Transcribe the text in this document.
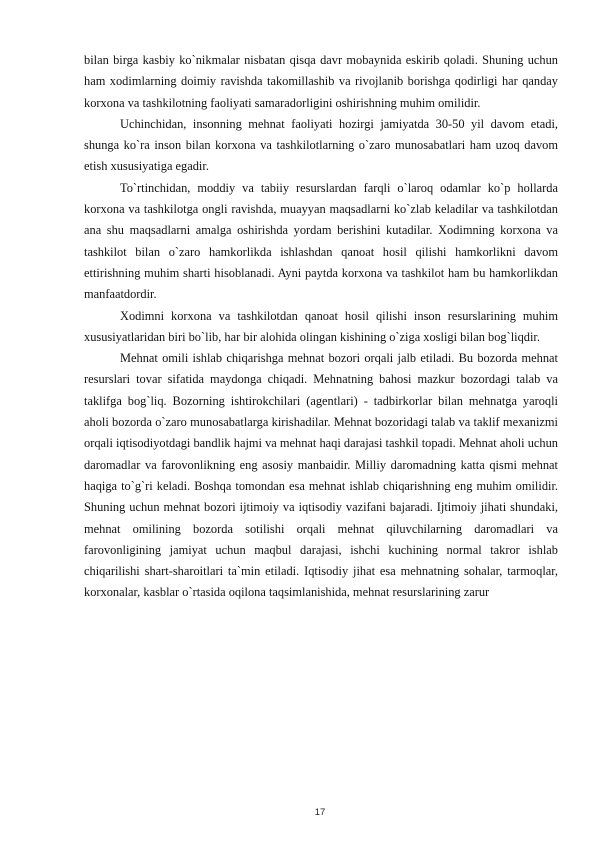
bilan birga kasbiy ko`nikmalar nisbatan qisqa davr mobaynida eskirib qoladi. Shuning uchun ham xodimlarning doimiy ravishda takomillashib va rivojlanib borishga qodirligi har qanday korxona va tashkilotning faoliyati samaradorligini oshirishning muhim omilidir.

Uchinchidan, insonning mehnat faoliyati hozirgi jamiyatda 30-50 yil davom etadi, shunga ko`ra inson bilan korxona va tashkilotlarning o`zaro munosabatlari ham uzoq davom etish xususiyatiga egadir.

To`rtinchidan, moddiy va tabiiy resurslardan farqli o`laroq odamlar ko`p hollarda korxona va tashkilotga ongli ravishda, muayyan maqsadlarni ko`zlab keladilar va tashkilotdan ana shu maqsadlarni amalga oshirishda yordam berishini kutadilar. Xodimning korxona va tashkilot bilan o`zaro hamkorlikda ishlashdan qanoat hosil qilishi hamkorlikni davom ettirishning muhim sharti hisoblanadi. Ayni paytda korxona va tashkilot ham bu hamkorlikdan manfaatdordir.

Xodimni korxona va tashkilotdan qanoat hosil qilishi inson resurslarining muhim xususiyatlaridan biri bo`lib, har bir alohida olingan kishining o`ziga xosligi bilan bog`liqdir.

Mehnat omili ishlab chiqarishga mehnat bozori orqali jalb etiladi. Bu bozorda mehnat resurslari tovar sifatida maydonga chiqadi. Mehnatning bahosi mazkur bozordagi talab va taklifga bog`liq. Bozorning ishtirokchilari (agentlari) - tadbirkorlar bilan mehnatga yaroqli aholi bozorda o`zaro munosabatlarga kirishadilar. Mehnat bozoridagi talab va taklif mexanizmi orqali iqtisodiyotdagi bandlik hajmi va mehnat haqi darajasi tashkil topadi. Mehnat aholi uchun daromadlar va farovonlikning eng asosiy manbaidir. Milliy daromadning katta qismi mehnat haqiga to`g`ri keladi. Boshqa tomondan esa mehnat ishlab chiqarishning eng muhim omilidir. Shuning uchun mehnat bozori ijtimoiy va iqtisodiy vazifani bajaradi. Ijtimoiy jihati shundaki, mehnat omilining bozorda sotilishi orqali mehnat qiluvchilarning daromadlari va farovonligining jamiyat uchun maqbul darajasi, ishchi kuchining normal takror ishlab chiqarilishi shart-sharoitlari ta`min etiladi. Iqtisodiy jihat esa mehnatning sohalar, tarmoqlar, korxonalar, kasblar o`rtasida oqilona taqsimlanishida, mehnat resurslarining zarur

17
